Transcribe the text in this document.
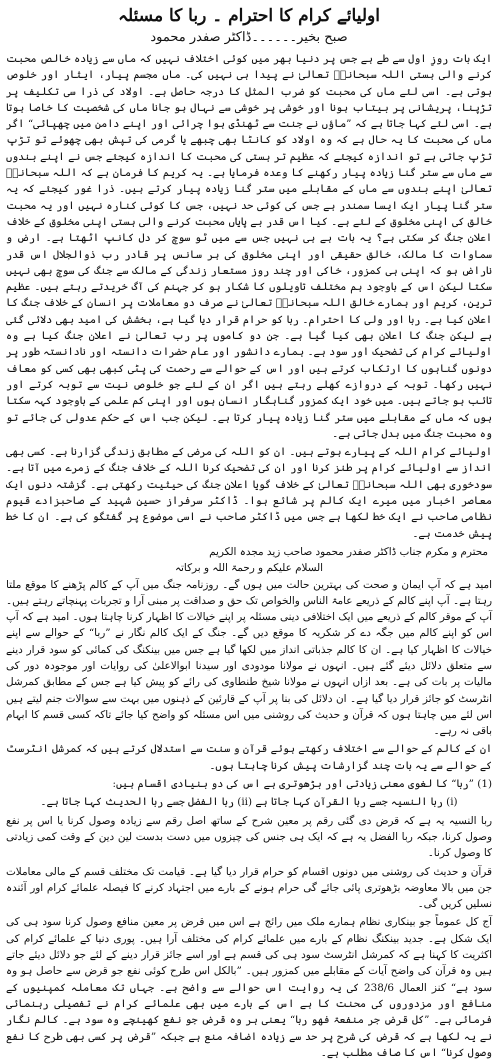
اولیائے کرام کا احترام ۔ ربا کا مسئلہ
صبح بخیر۔۔۔۔۔۔ڈاکٹر صفدر محمود

ایک بات روزِ اول سے طے ہے جس پر دنیا بھر میں کوئی اختلاف نہیں کہ ماں سے زیادہ خالص محبت کرنے والی ہستی اللہ سبحانہٗ تعالیٰ نے پیدا ہی نہیں کی۔ ماں مجسم پیار، ایثار اور خلوص ہوتی ہے۔ اسی لئے ماں کی محبت کو ضرب المثل کا درجہ حاصل ہے۔ اولاد کی ذرا سی تکلیف پر تڑپنا، پریشانی پر بیتاب ہونا اور خوشی پر خوشی سے نہال ہو جانا ماں کی شخصیت کا خاصا ہوتا ہے۔ اسی لئے کہا جاتا ہے کہ ”ماؤں نے جنت سے ٹھنڈی ہوا چرائی اور اپنے دامن میں چھپائی“ اگر ماں کی محبت کا یہ حال ہے کہ وہ اولاد کو کانٹا بھی چبھے یا گرمی کی تپش بھی چھوئے تو تڑپ تڑپ جاتی ہے تو اندازہ کیجئے کہ عظیم تر ہستی کی محبت کا اندازہ کیجئے جس نے اپنے بندوں سے ماں سے ستر گنا زیادہ پیار رکھنے کا وعدہ فرمایا ہے۔ یہ کریم کا فرمان ہے کہ اللہ سبحانہٗ تعالیٰ اپنے بندوں سے ماں کے مقابلے میں ستر گنا زیادہ پیار کرتے ہیں۔ ذرا غور کیجئے کہ یہ ستر گنا پیار ایک ایسا سمندر ہے جس کی کوئی حد نہیں، جس کا کوئی کنارہ نہیں اور یہ محبت خالق کی اپنی مخلوق کے لئے ہے۔ کیا اس قدر بے پایاں محبت کرنے والی ہستی اپنی مخلوق کے خلاف اعلان جنگ کر سکتی ہے؟ یہ بات ہے ہی نہیں جس سے میں ٹو سوچ کر دل کانپ اٹھتا ہے۔ ارض و سماوات کا مالک، خالق حقیقی اور اپنی مخلوق کی ہر سانس پر قادر رب ذوالجلال اس قدر ناراض ہو کہ اپنی ہی کمزور، خاکی اور چند روز مستعار زندگی کے مالک سے جنگ کی سوچ بھی نہیں سکتا لیکن اس کے باوجود ہم مختلف تاویلوں کا شکار ہو کر جہنم کی آگ خریدتے رہتے ہیں۔ عظیم ترین، کریم اور ہمارے خالق اللہ سبحانہٗ تعالیٰ نے صرف دو معاملات پر انسان کے خلاف جنگ کا اعلان کیا ہے۔ ربا اور ولی کا احترام۔ ربا کو حرام قرار دیا گیا ہے، بخشش کی امید بھی دلائی گئی ہے لیکن جنگ کا اعلان بھی کیا گیا ہے۔ جن دو کاموں پر رب تعالیٰ نے اعلان جنگ کیا ہے وہ اولیائے کرام کی تضحیک اور سود ہے۔ ہمارے دانشور اور عام حضرات دانستہ اور نادانستہ طور پر دونوں گناہوں کا ارتکاب کرتے ہیں اور اس کے حوالے سے رحمت کی پٹی کبھی بھی کسی کو معاف نہیں رکھا۔ توبہ کے دروازے کھلے رہتے ہیں اگر ان کے لئے جو خلوص نیت سے توبہ کرتے اور تائب ہو جاتے ہیں۔ میں خود ایک کمزور گناہگار انسان ہوں اور اپنی کم علمی کے باوجود کہہ سکتا ہوں کہ ماں کے مقابلے میں ستر گنا زیادہ پیار کرتا ہے۔ لیکن جب اس کے حکم عدولی کی جائے تو وہ محبت جنگ میں بدل جاتی ہے۔

اولیائے کرام اللہ کے پیارے ہوتے ہیں۔ ان کو اللہ کی مرضی کے مطابق زندگی گزارنا ہے۔ کسی بھی انداز سے اولیائے کرام پر طنز کرنا اور ان کی تضحیک کرنا اللہ کے خلاف جنگ کے زمرے میں آتا ہے۔ سودخوری بھی اللہ سبحانہٗ تعالیٰ کے خلاف گویا اعلان جنگ کی حیثیت رکھتی ہے۔ گزشتہ دنوں ایک معاصر اخبار میں میرے ایک کالم پر شائع ہوا۔ ڈاکٹر سرفراز حسین شہید کے صاحبزادے قیوم نظامی صاحب نے ایک خط لکھا ہے جس میں ڈاکٹر صاحب نے اسی موضوع پر گفتگو کی ہے۔ ان کا خط پیش خدمت ہے۔

محترم و مکرم جناب ڈاکٹر صفدر محمود صاحب زید مجدہ الکریم

السلام علیکم و رحمۃ اللہ و برکاتہ

امید ہے کہ آپ ایمان و صحت کی بہترین حالت میں ہوں گے۔ روزنامہ جنگ میں آپ کے کالم پڑھنے کا موقع ملتا رہتا ہے۔ آپ اپنے کالم کے ذریعے عامۃ الناس والخواص تک حق و صداقت پر مبنی آرا و تجربات پہنچاتے رہتے ہیں۔ آپ کے موقر کالم کے ذریعے میں ایک اختلافی دینی مسئلہ پر اپنے خیالات کا اظہار کرنا چاہتا ہوں۔ امید ہے کہ آپ اس کو اپنے کالم میں جگہ دے کر شکریہ کا موقع دیں گے۔ جنگ کے ایک کالم نگار نے ”ربا“ کے حوالے سے اپنے خیالات کا اظہار کیا ہے۔ ان کا کالم جذباتی انداز میں لکھا گیا ہے جس میں بینکنگ کی کمائی کو سود قرار دینے سے متعلق دلائل دیئے گئے ہیں۔ انہوں نے مولانا مودودی اور سیدنا ابوالاعلیٰ کی روایات اور موجودہ دور کی مالیات پر بات کی ہے۔ بعد ازاں انہوں نے مولانا شیخ طنطاوی کی رائے کو پیش کیا ہے جس کے مطابق کمرشل انٹرسٹ کو جائز قرار دیا گیا ہے۔ ان دلائل کی بنا پر آپ کے قارئین کے ذہنوں میں بہت سے سوالات جنم لیتے ہیں اس لئے میں چاہتا ہوں کہ قرآن و حدیث کی روشنی میں اس مسئلہ کو واضح کیا جائے تاکہ کسی قسم کا ابہام باقی نہ رہے۔

ان کے کالم کے حوالے سے اختلاف رکھتے ہوئے قرآن و سنت سے استدلال کرتے ہیں کہ کمرشل انٹرسٹ کے حوالے سے یہ بات چند گزارشات پیش کرنا چاہتا ہوں۔

(1) ”ربا“ کا لغوی معنی زیادتی اور بڑھوتری ہے اس کی دو بنیادی اقسام ہیں:

(i) ربا النسیہ جسے ربا القرآن کہا جاتا ہے (ii) ربا الفضل جسے ربا الحدیث کہا جاتا ہے۔

ربا النسیہ یہ ہے کہ قرض دی گئی رقم پر معین شرح کے ساتھ اصل رقم سے زیادہ وصول کرنا یا اس پر نفع وصول کرنا، جبکہ ربا الفضل یہ ہے کہ ایک ہی جنس کی چیزوں میں دست بدست لین دین کے وقت کمی زیادتی کا وصول کرنا۔

قرآن و حدیث کی روشنی میں دونوں اقسام کو حرام قرار دیا گیا ہے۔ قیامت تک مختلف قسم کے مالی معاملات جن میں بالا معاوضہ بڑھوتری پائی جائے گی حرام ہونے کے بارے میں اجتہاد کرنے کا فیصلہ علمائے کرام اور آئندہ نسلیں کریں گی۔

آج کل عموماً جو بینکاری نظام ہمارے ملک میں رائج ہے اس میں قرض پر معین منافع وصول کرنا سود ہی کی ایک شکل ہے۔ جدید بینکنگ نظام کے بارے میں علمائے کرام کی مختلف آرا ہیں۔ پوری دنیا کے علمائے کرام کی اکثریت کا کہنا ہے کہ کمرشل انٹرسٹ سود ہی کی قسم ہے اور اسے جائز قرار دینے کے لئے جو دلائل دیئے جاتے ہیں وہ قرآن کی واضح آیات کے مقابلے میں کمزور ہیں۔ ”بالکل اس طرح کوئی نفع جو قرض سے حاصل ہو وہ سود ہے“ کنز العمال 238/6 کی یہ روایت اس حوالے سے واضح ہے۔ جہاں تک معاملہ کمپنیوں کے منافع اور مزدوروں کی محنت کا ہے اس کے بارے میں بھی علمائے کرام نے تفصیلی رہنمائی فرمائی ہے۔ ”کل قرض جر منفعۃ فھو ربا“ یعنی ہر وہ قرض جو نفع کھینچے وہ سود ہے۔ کالم نگار نے یہ لکھا ہے کہ قرض کی شرح پر حد سے زیادہ اضافہ منع ہے جبکہ ”قرض پر کسی بھی طرح کا نفع وصول کرنا“ اس کا صاف مطلب ہے۔
